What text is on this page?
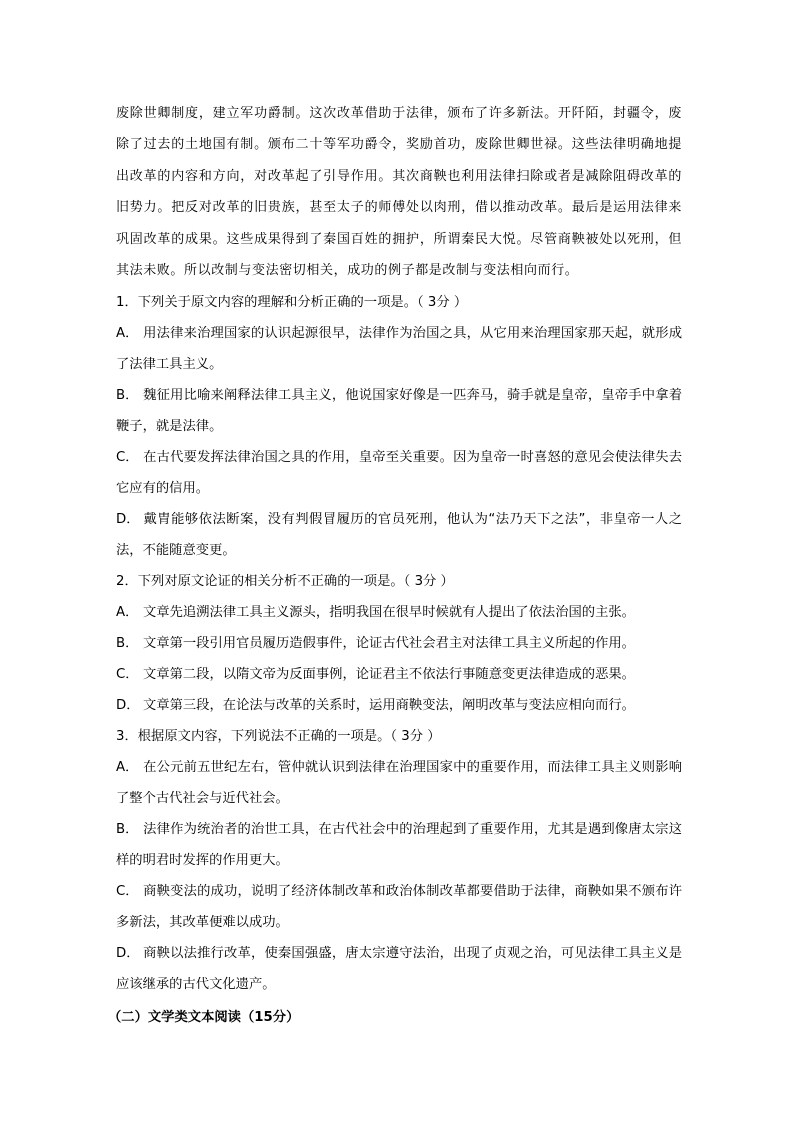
废除世卿制度，建立军功爵制。这次改革借助于法律，颁布了许多新法。开阡陌，封疆令，废除了过去的土地国有制。颁布二十等军功爵令，奖励首功，废除世卿世禄。这些法律明确地提出改革的内容和方向，对改革起了引导作用。其次商鞅也利用法律扫除或者是减除阻碍改革的旧势力。把反对改革的旧贵族，甚至太子的师傅处以肉刑，借以推动改革。最后是运用法律来巩固改革的成果。这些成果得到了秦国百姓的拥护，所谓秦民大悦。尽管商鞅被处以死刑，但其法未败。所以改制与变法密切相关，成功的例子都是改制与变法相向而行。

1．下列关于原文内容的理解和分析正确的一项是。（ 3分 ）

A． 用法律来治理国家的认识起源很早，法律作为治国之具，从它用来治理国家那天起，就形成了法律工具主义。

B． 魏征用比喻来阐释法律工具主义，他说国家好像是一匹奔马，骑手就是皇帝，皇帝手中拿着鞭子，就是法律。

C． 在古代要发挥法律治国之具的作用，皇帝至关重要。因为皇帝一时喜怒的意见会使法律失去它应有的信用。

D． 戴胄能够依法断案，没有判假冒履历的官员死刑，他认为“法乃天下之法”，非皇帝一人之法，不能随意变更。

2．下列对原文论证的相关分析不正确的一项是。（ 3分 ）

A． 文章先追溯法律工具主义源头，指明我国在很早时候就有人提出了依法治国的主张。

B． 文章第一段引用官员履历造假事件，论证古代社会君主对法律工具主义所起的作用。

C． 文章第二段，以隋文帝为反面事例，论证君主不依法行事随意变更法律造成的恶果。

D． 文章第三段，在论法与改革的关系时，运用商鞅变法，阐明改革与变法应相向而行。

3．根据原文内容，下列说法不正确的一项是。（ 3分 ）

A． 在公元前五世纪左右，管仲就认识到法律在治理国家中的重要作用，而法律工具主义则影响了整个古代社会与近代社会。

B． 法律作为统治者的治世工具，在古代社会中的治理起到了重要作用，尤其是遇到像唐太宗这样的明君时发挥的作用更大。

C． 商鞅变法的成功，说明了经济体制改革和政治体制改革都要借助于法律，商鞅如果不颁布许多新法，其改革便难以成功。

D． 商鞅以法推行改革，使秦国强盛，唐太宗遵守法治，出现了贞观之治，可见法律工具主义是应该继承的古代文化遗产。

（二）文学类文本阅读（15分）
